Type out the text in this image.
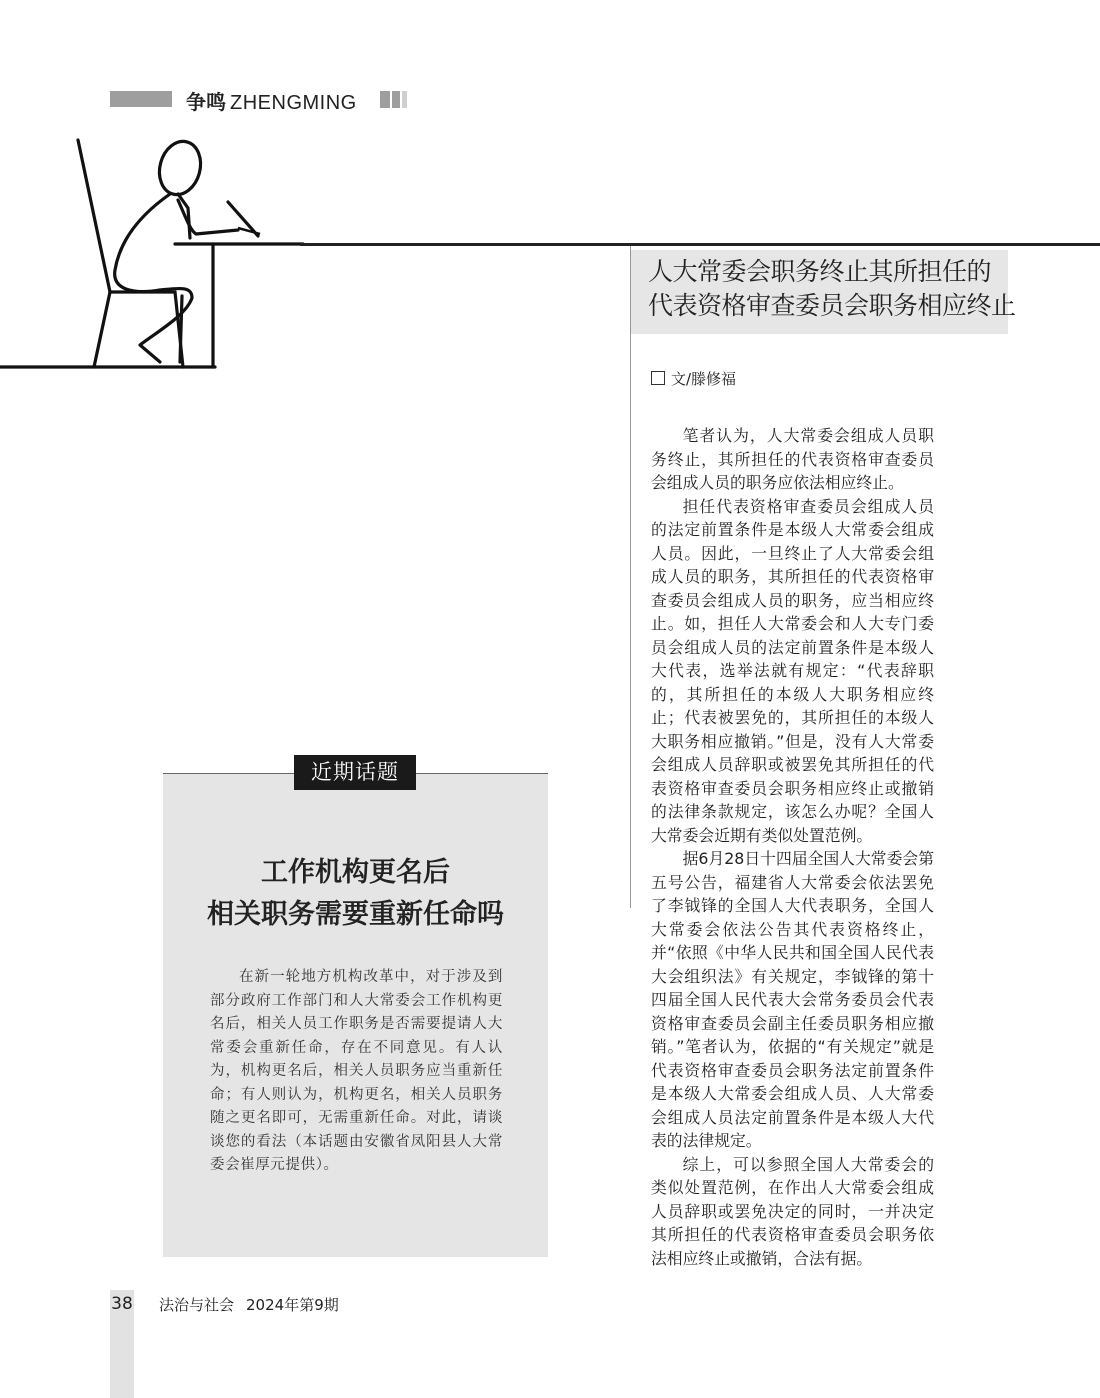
争鸣 ZHENGMING
人大常委会职务终止其所担任的
代表资格审查委员会职务相应终止
文/滕修福

笔者认为，人大常委会组成人员职务终止，其所担任的代表资格审查委员会组成人员的职务应依法相应终止。

担任代表资格审查委员会组成人员的法定前置条件是本级人大常委会组成人员。因此，一旦终止了人大常委会组成人员的职务，其所担任的代表资格审查委员会组成人员的职务，应当相应终止。如，担任人大常委会和人大专门委员会组成人员的法定前置条件是本级人大代表，选举法就有规定：“代表辞职的，其所担任的本级人大职务相应终止；代表被罢免的，其所担任的本级人大职务相应撤销。”但是，没有人大常委会组成人员辞职或被罢免其所担任的代表资格审查委员会职务相应终止或撤销的法律条款规定，该怎么办呢？全国人大常委会近期有类似处置范例。

据6月28日十四届全国人大常委会第五号公告，福建省人大常委会依法罢免了李钺锋的全国人大代表职务，全国人大常委会依法公告其代表资格终止，并“依照《中华人民共和国全国人民代表大会组织法》有关规定，李钺锋的第十四届全国人民代表大会常务委员会代表资格审查委员会副主任委员职务相应撤销。”笔者认为，依据的“有关规定”就是代表资格审查委员会职务法定前置条件是本级人大常委会组成人员、人大常委会组成人员法定前置条件是本级人大代表的法律规定。

综上，可以参照全国人大常委会的类似处置范例，在作出人大常委会组成人员辞职或罢免决定的同时，一并决定其所担任的代表资格审查委员会职务依法相应终止或撤销，合法有据。

近期话题
工作机构更名后
相关职务需要重新任命吗

在新一轮地方机构改革中，对于涉及到部分政府工作部门和人大常委会工作机构更名后，相关人员工作职务是否需要提请人大常委会重新任命，存在不同意见。有人认为，机构更名后，相关人员职务应当重新任命；有人则认为，机构更名，相关人员职务随之更名即可，无需重新任命。对此，请谈谈您的看法（本话题由安徽省凤阳县人大常委会崔厚元提供）。

38 法治与社会 2024年第9期
